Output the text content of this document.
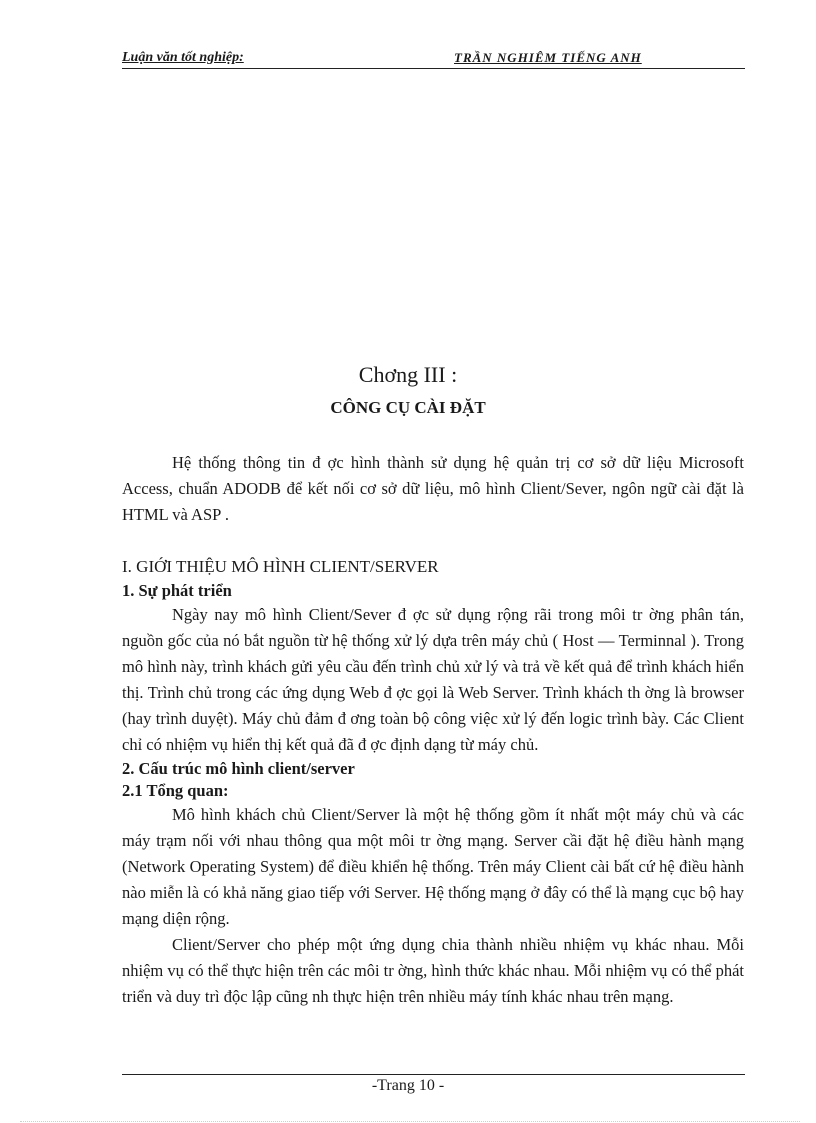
Luận văn tốt nghiệp:	TRẦN NGHIÊM TIẾNG ANH
Chơng III :
CÔNG CỤ CÀI ĐẶT

Hệ thống thông tin đ ợc hình thành sử dụng hệ quản trị cơ sở dữ liệu Microsoft Access, chuẩn ADODB để kết nối cơ sở dữ liệu, mô hình Client/Sever, ngôn ngữ cài đặt là HTML và ASP .

I. GIỚI THIỆU MÔ HÌNH CLIENT/SERVER

1. Sự phát triển

Ngày nay mô hình Client/Sever đ ợc sử dụng rộng rãi trong môi tr ờng phân tán, nguồn gốc của nó bắt nguồn từ hệ thống xử lý dựa trên máy chủ ( Host — Terminnal ). Trong mô hình này, trình khách gửi yêu cầu đến trình chủ xử lý và trả về kết quả để trình khách hiển thị. Trình chủ trong các ứng dụng Web đ ợc gọi là Web Server. Trình khách th ờng là browser (hay trình duyệt). Máy chủ đảm đ ơng toàn bộ công việc xử lý đến logic trình bày. Các Client chỉ có nhiệm vụ hiển thị kết quả đã đ ợc định dạng từ máy chủ.

2. Cấu trúc mô hình client/server

2.1 Tổng quan:

Mô hình khách chủ Client/Server là một hệ thống gồm ít nhất một máy chủ và các máy trạm nối với nhau thông qua một môi tr ờng mạng. Server cầi đặt hệ điều hành mạng (Network Operating System) để điều khiển hệ thống. Trên máy Client cài bất cứ hệ điều hành nào miễn là có khả năng giao tiếp với Server. Hệ thống mạng ở đây có thể là mạng cục bộ hay mạng diện rộng.

Client/Server cho phép một ứng dụng chia thành nhiều nhiệm vụ khác nhau. Mỗi nhiệm vụ có thể thực hiện trên các môi tr ờng, hình thức khác nhau. Mỗi nhiệm vụ có thể phát triển và duy trì độc lập cũng nh thực hiện trên nhiều máy tính khác nhau trên mạng.

-Trang 10 -
